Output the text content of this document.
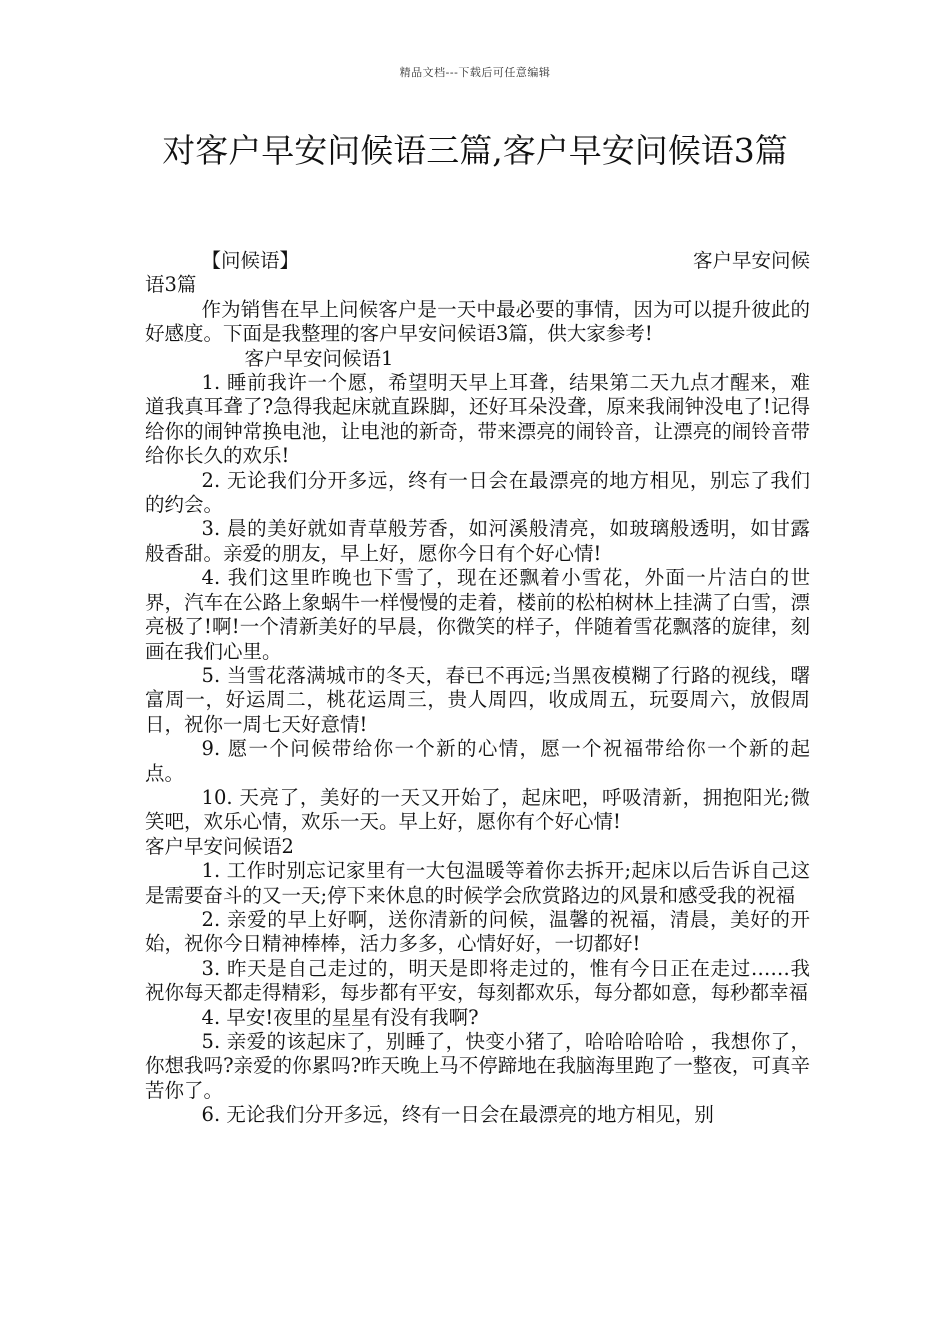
精品文档---下载后可任意编辑
对客户早安问候语三篇,客户早安问候语3篇
【问候语】	客户早安问候

语3篇

作为销售在早上问候客户是一天中最必要的事情，因为可以提升彼此的好感度。下面是我整理的客户早安问候语3篇，供大家参考!

客户早安问候语1

1. 睡前我许一个愿，希望明天早上耳聋，结果第二天九点才醒来，难道我真耳聋了?急得我起床就直跺脚，还好耳朵没聋，原来我闹钟没电了!记得给你的闹钟常换电池，让电池的新奇，带来漂亮的闹铃音，让漂亮的闹铃音带给你长久的欢乐!

2. 无论我们分开多远，终有一日会在最漂亮的地方相见，别忘了我们的约会。

3. 晨的美好就如青草般芳香，如河溪般清亮，如玻璃般透明，如甘露般香甜。亲爱的朋友，早上好，愿你今日有个好心情!

4. 我们这里昨晚也下雪了，现在还飘着小雪花，外面一片洁白的世界，汽车在公路上象蜗牛一样慢慢的走着，楼前的松柏树林上挂满了白雪，漂亮极了!啊!一个清新美好的早晨，你微笑的样子，伴随着雪花飘落的旋律，刻画在我们心里。

5. 当雪花落满城市的冬天，春已不再远;当黑夜模糊了行路的视线，曙富周一，好运周二，桃花运周三，贵人周四，收成周五，玩耍周六，放假周日，祝你一周七天好意情!

9. 愿一个问候带给你一个新的心情，愿一个祝福带给你一个新的起点。

10. 天亮了，美好的一天又开始了，起床吧，呼吸清新，拥抱阳光;微笑吧，欢乐心情，欢乐一天。早上好，愿你有个好心情!

客户早安问候语2

1. 工作时别忘记家里有一大包温暖等着你去拆开;起床以后告诉自己这是需要奋斗的又一天;停下来休息的时候学会欣赏路边的风景和感受我的祝福

2. 亲爱的早上好啊，送你清新的问候，温馨的祝福，清晨，美好的开始，祝你今日精神棒棒，活力多多，心情好好，一切都好!

3. 昨天是自己走过的，明天是即将走过的，惟有今日正在走过……我祝你每天都走得精彩，每步都有平安，每刻都欢乐，每分都如意，每秒都幸福

4. 早安!夜里的星星有没有我啊?

5. 亲爱的该起床了，别睡了，快变小猪了，哈哈哈哈哈 ，我想你了，你想我吗?亲爱的你累吗?昨天晚上马不停蹄地在我脑海里跑了一整夜，可真辛苦你了。

6. 无论我们分开多远，终有一日会在最漂亮的地方相见，别
